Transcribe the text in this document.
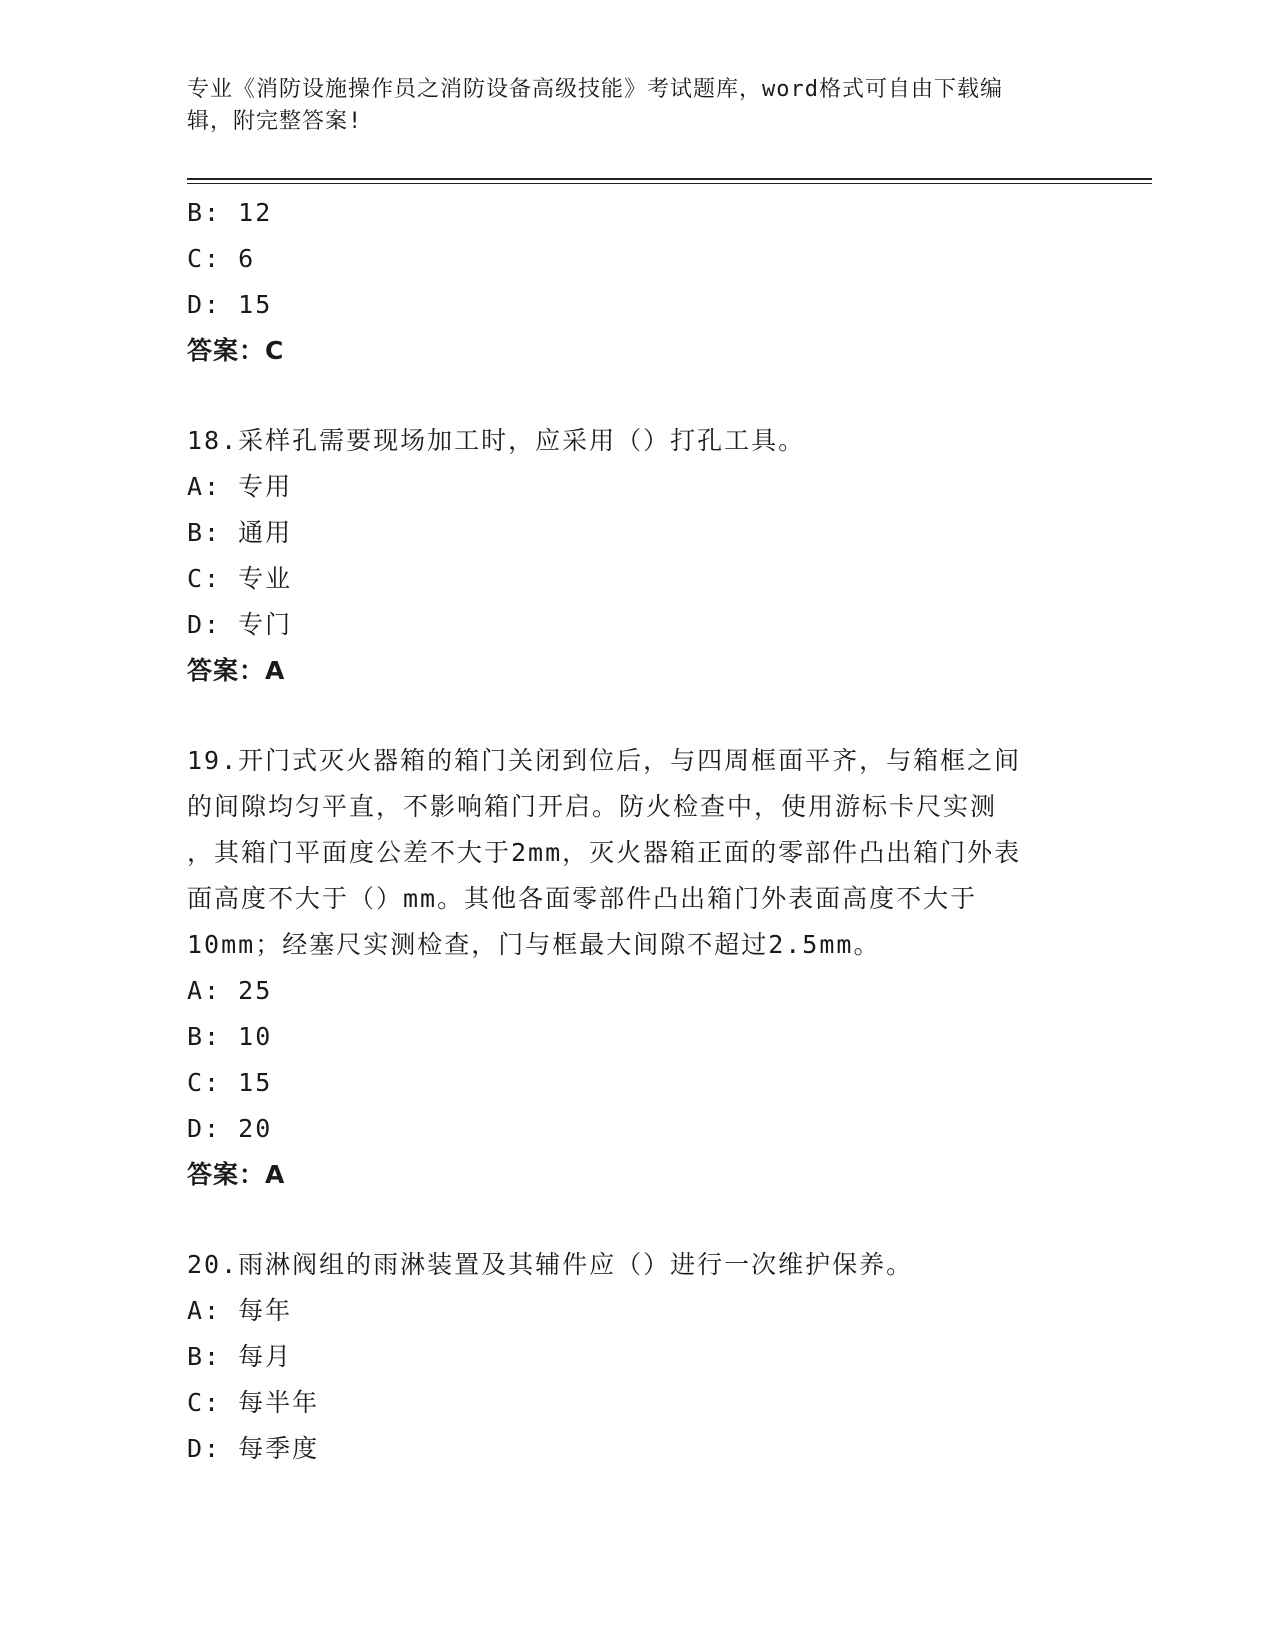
专业《消防设施操作员之消防设备高级技能》考试题库，word格式可自由下载编
辑，附完整答案!
B: 12
C: 6
D: 15
答案：C
18.采样孔需要现场加工时，应采用（）打孔工具。
A: 专用
B: 通用
C: 专业
D: 专门
答案：A
19.开门式灭火器箱的箱门关闭到位后，与四周框面平齐，与箱框之间
的间隙均匀平直，不影响箱门开启。防火检查中，使用游标卡尺实测
，其箱门平面度公差不大于2mm，灭火器箱正面的零部件凸出箱门外表
面高度不大于（）mm。其他各面零部件凸出箱门外表面高度不大于
10mm；经塞尺实测检查，门与框最大间隙不超过2.5mm。
A: 25
B: 10
C: 15
D: 20
答案：A
20.雨淋阀组的雨淋装置及其辅件应（）进行一次维护保养。
A: 每年
B: 每月
C: 每半年
D: 每季度
